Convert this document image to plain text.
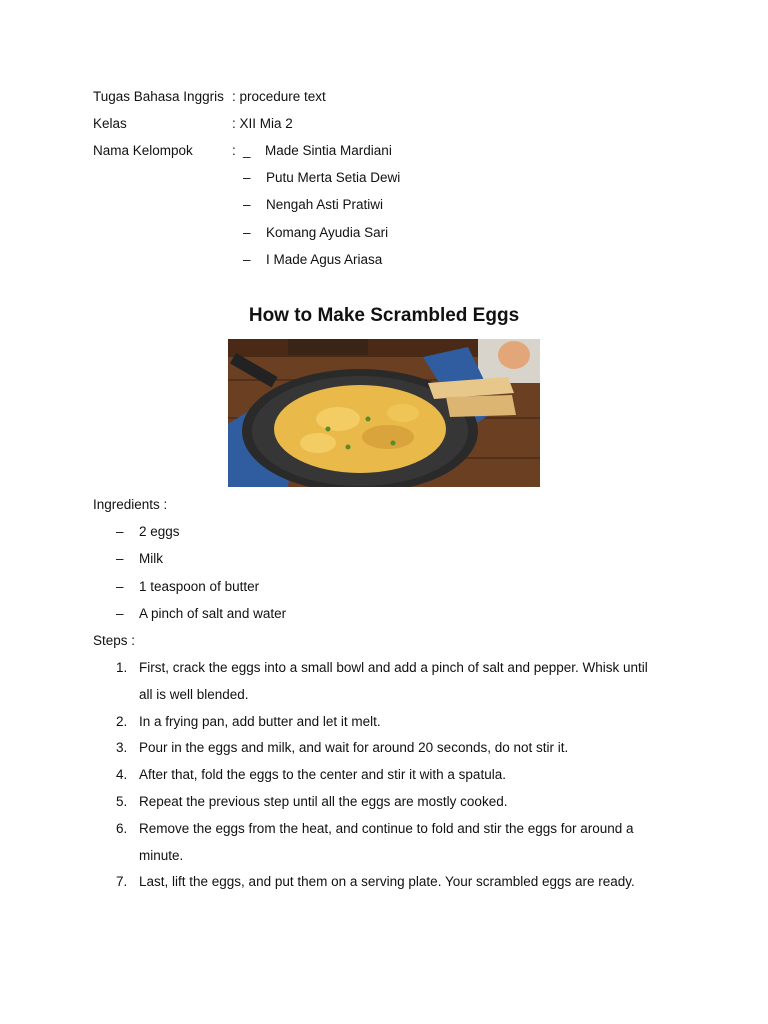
Tugas Bahasa Inggris : procedure text
Kelas	: XII Mia 2
Nama Kelompok	: _ Made Sintia Mardiani
– Putu Merta Setia Dewi
– Nengah Asti Pratiwi
– Komang Ayudia Sari
– I Made Agus Ariasa
How to Make Scrambled Eggs
Ingredients :
– 2 eggs
– Milk
– 1 teaspoon of butter
– A pinch of salt and water
Steps :
1. First, crack the eggs into a small bowl and add a pinch of salt and pepper. Whisk until
all is well blended.
2. In a frying pan, add butter and let it melt.
3. Pour in the eggs and milk, and wait for around 20 seconds, do not stir it.
4. After that, fold the eggs to the center and stir it with a spatula.
5. Repeat the previous step until all the eggs are mostly cooked.
6. Remove the eggs from the heat, and continue to fold and stir the eggs for around a
minute.
7. Last, lift the eggs, and put them on a serving plate. Your scrambled eggs are ready.
